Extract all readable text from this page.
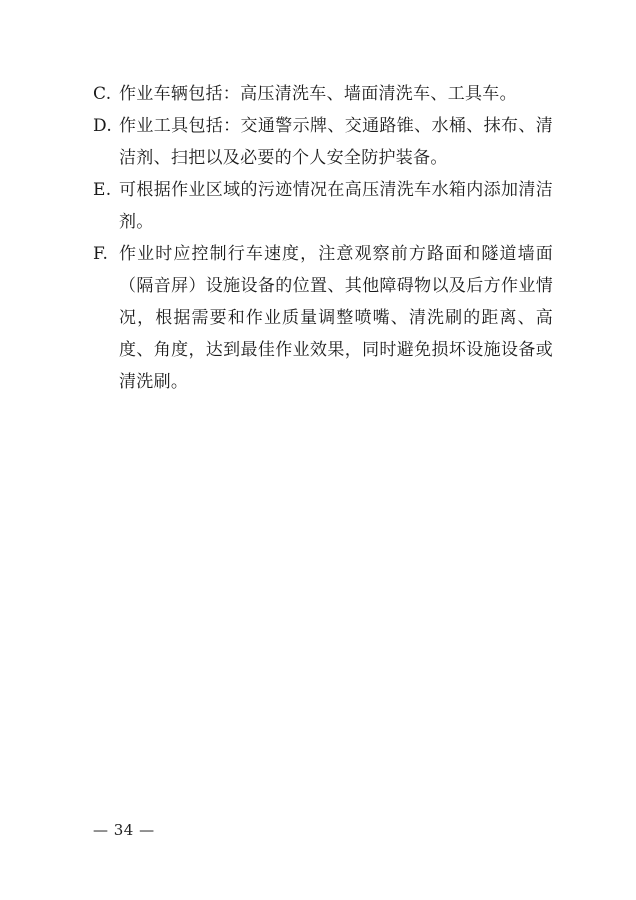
C. 作业车辆包括：高压清洗车、墙面清洗车、工具车。
D. 作业工具包括：交通警示牌、交通路锥、水桶、抹布、清洁剂、扫把以及必要的个人安全防护装备。
E. 可根据作业区域的污迹情况在高压清洗车水箱内添加清洁剂。
F. 作业时应控制行车速度，注意观察前方路面和隧道墙面（隔音屏）设施设备的位置、其他障碍物以及后方作业情况，根据需要和作业质量调整喷嘴、清洗刷的距离、高度、角度，达到最佳作业效果，同时避免损坏设施设备或清洗刷。
— 34 —
